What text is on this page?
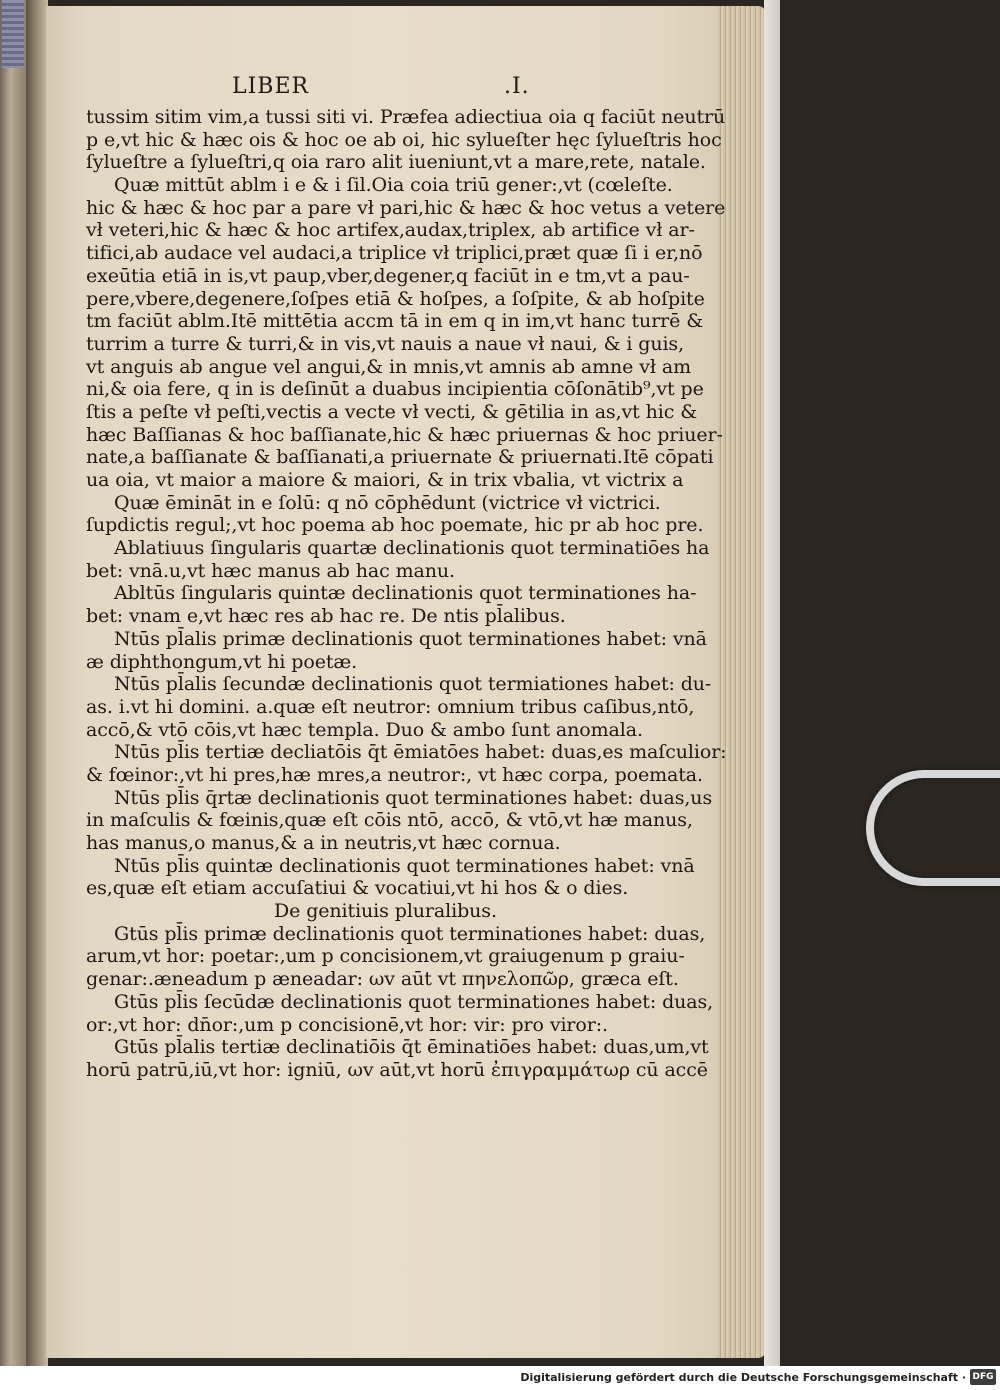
LIBER	.I.
tussim sitim vim,a tussi siti vi. Præfea adiectiua oia q faciūt neutrū
p e,vt hic & hæc ois & hoc oe ab oi, hic sylueſter hęc ſylueſtris hoc
ſylueſtre a ſylueſtri,q oia raro alit iueniunt,vt a mare,rete, natale.
Quæ mittūt ablm i e & i ſil.Oia coia triū gener:,vt (cœleſte.
hic & hæc & hoc par a pare vł pari,hic & hæc & hoc vetus a vetere
vł veteri,hic & hæc & hoc artifex,audax,triplex, ab artifice vł ar-
tifici,ab audace vel audaci,a triplice vł triplici,præt quæ ſi i er,nō
exeūtia etiā in is,vt paup,vber,degener,q faciūt in e tm,vt a pau-
pere,vbere,degenere,ſoſpes etiā & hoſpes, a ſoſpite, & ab hoſpite
tm faciūt ablm.Itē mittētia accm tā in em q in im,vt hanc turrē &
turrim a turre & turri,& in vis,vt nauis a naue vł naui, & i guis,
vt anguis ab angue vel angui,& in mnis,vt amnis ab amne vł am
ni,& oia fere, q in is deſinūt a duabus incipientia cōſonātib⁹,vt pe
ſtis a peſte vł peſti,vectis a vecte vł vecti, & gētilia in as,vt hic &
hæc Baſſianas & hoc baſſianate,hic & hæc priuernas & hoc priuer-
nate,a baſſianate & baſſianati,a priuernate & priuernati.Itē cōpati
ua oia, vt maior a maiore & maiori, & in trix vbalia, vt victrix a
Quæ ēmināt in e ſolū: q nō cōphēdunt (victrice vł victrici.
ſupdictis regul;,vt hoc poema ab hoc poemate, hic pr ab hoc pre.
Ablatiuus ſingularis quartæ declinationis quot terminatiōes ha
bet: vnā.u,vt hæc manus ab hac manu.
Abltūs ſingularis quintæ declinationis quot terminationes ha-
bet: vnam e,vt hæc res ab hac re. De ntis pl̄alibus.
Ntūs pl̄alis primæ declinationis quot terminationes habet: vnā
æ diphthongum,vt hi poetæ.
Ntūs pl̄alis ſecundæ declinationis quot termiationes habet: du-
as. i.vt hi domini. a.quæ eſt neutror: omnium tribus caſibus,ntō,
accō,& vtō cōis,vt hæc templa. Duo & ambo ſunt anomala.
Ntūs pl̄is tertiæ decliatōis q̄t ēmiatōes habet: duas,es maſculior:
& fœinor:,vt hi pres,hæ mres,a neutror:, vt hæc corpa, poemata.
Ntūs pl̄is q̄rtæ declinationis quot terminationes habet: duas,us
in maſculis & fœinis,quæ eſt cōis ntō, accō, & vtō,vt hæ manus,
has manus,o manus,& a in neutris,vt hæc cornua.
Ntūs pl̄is quintæ declinationis quot terminationes habet: vnā
es,quæ eſt etiam accuſatiui & vocatiui,vt hi hos & o dies.
De genitiuis pluralibus.
Gtūs pl̄is primæ declinationis quot terminationes habet: duas,
arum,vt hor: poetar:,um p concisionem,vt graiugenum p graiu-
genar:.æneadum p æneadar: ωv aūt vt πηνελοπῶρ, græca eſt.
Gtūs pl̄is ſecūdæ declinationis quot terminationes habet: duas,
or:,vt hor: dn̄or:,um p concisionē,vt hor: vir: pro viror:.
Gtūs pl̄alis tertiæ declinatiōis q̄t ēminatiōes habet: duas,um,vt
horū patrū,iū,vt hor: igniū, ωv aūt,vt horū ἐπιγραμμάτωρ cū accē
Digitalisierung gefördert durch die Deutsche Forschungsgemeinschaft · DFG
